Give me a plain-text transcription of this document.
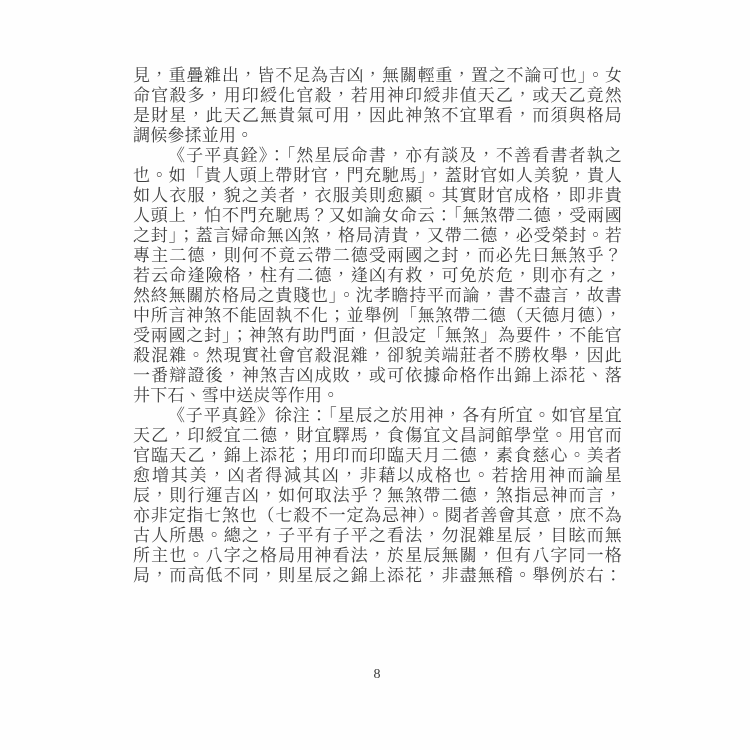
見，重疊雜出，皆不足為吉凶，無關輕重，置之不論可也」。女
命官殺多，用印綬化官殺，若用神印綬非值天乙，或天乙竟然
是財星，此天乙無貴氣可用，因此神煞不宜單看，而須與格局
調候參揉並用。
《子平真銓》：「然星辰命書，亦有談及，不善看書者執之
也。如「貴人頭上帶財官，門充馳馬」，蓋財官如人美貌，貴人
如人衣服，貌之美者，衣服美則愈顯。其實財官成格，即非貴
人頭上，怕不門充馳馬？又如論女命云：「無煞帶二德，受兩國
之封」；蓋言婦命無凶煞，格局清貴，又帶二德，必受榮封。若
專主二德，則何不竟云帶二德受兩國之封，而必先曰無煞乎？
若云命逢險格，柱有二德，逢凶有救，可免於危，則亦有之，
然終無關於格局之貴賤也」。沈孝瞻持平而論，書不盡言，故書
中所言神煞不能固執不化；並舉例「無煞帶二德（天德月德），
受兩國之封」；神煞有助門面，但設定「無煞」為要件，不能官
殺混雜。然現實社會官殺混雜，卻貌美端莊者不勝枚舉，因此
一番辯證後，神煞吉凶成敗，或可依據命格作出錦上添花、落
井下石、雪中送炭等作用。
《子平真銓》徐注：「星辰之於用神，各有所宜。如官星宜
天乙，印綬宜二德，財宜驛馬，食傷宜文昌詞館學堂。用官而
官臨天乙，錦上添花；用印而印臨天月二德，素食慈心。美者
愈增其美，凶者得減其凶，非藉以成格也。若捨用神而論星
辰，則行運吉凶，如何取法乎？無煞帶二德，煞指忌神而言，
亦非定指七煞也（七殺不一定為忌神）。閱者善會其意，庶不為
古人所愚。總之，子平有子平之看法，勿混雜星辰，目眩而無
所主也。八字之格局用神看法，於星辰無關，但有八字同一格
局，而高低不同，則星辰之錦上添花，非盡無稽。舉例於右：
8
